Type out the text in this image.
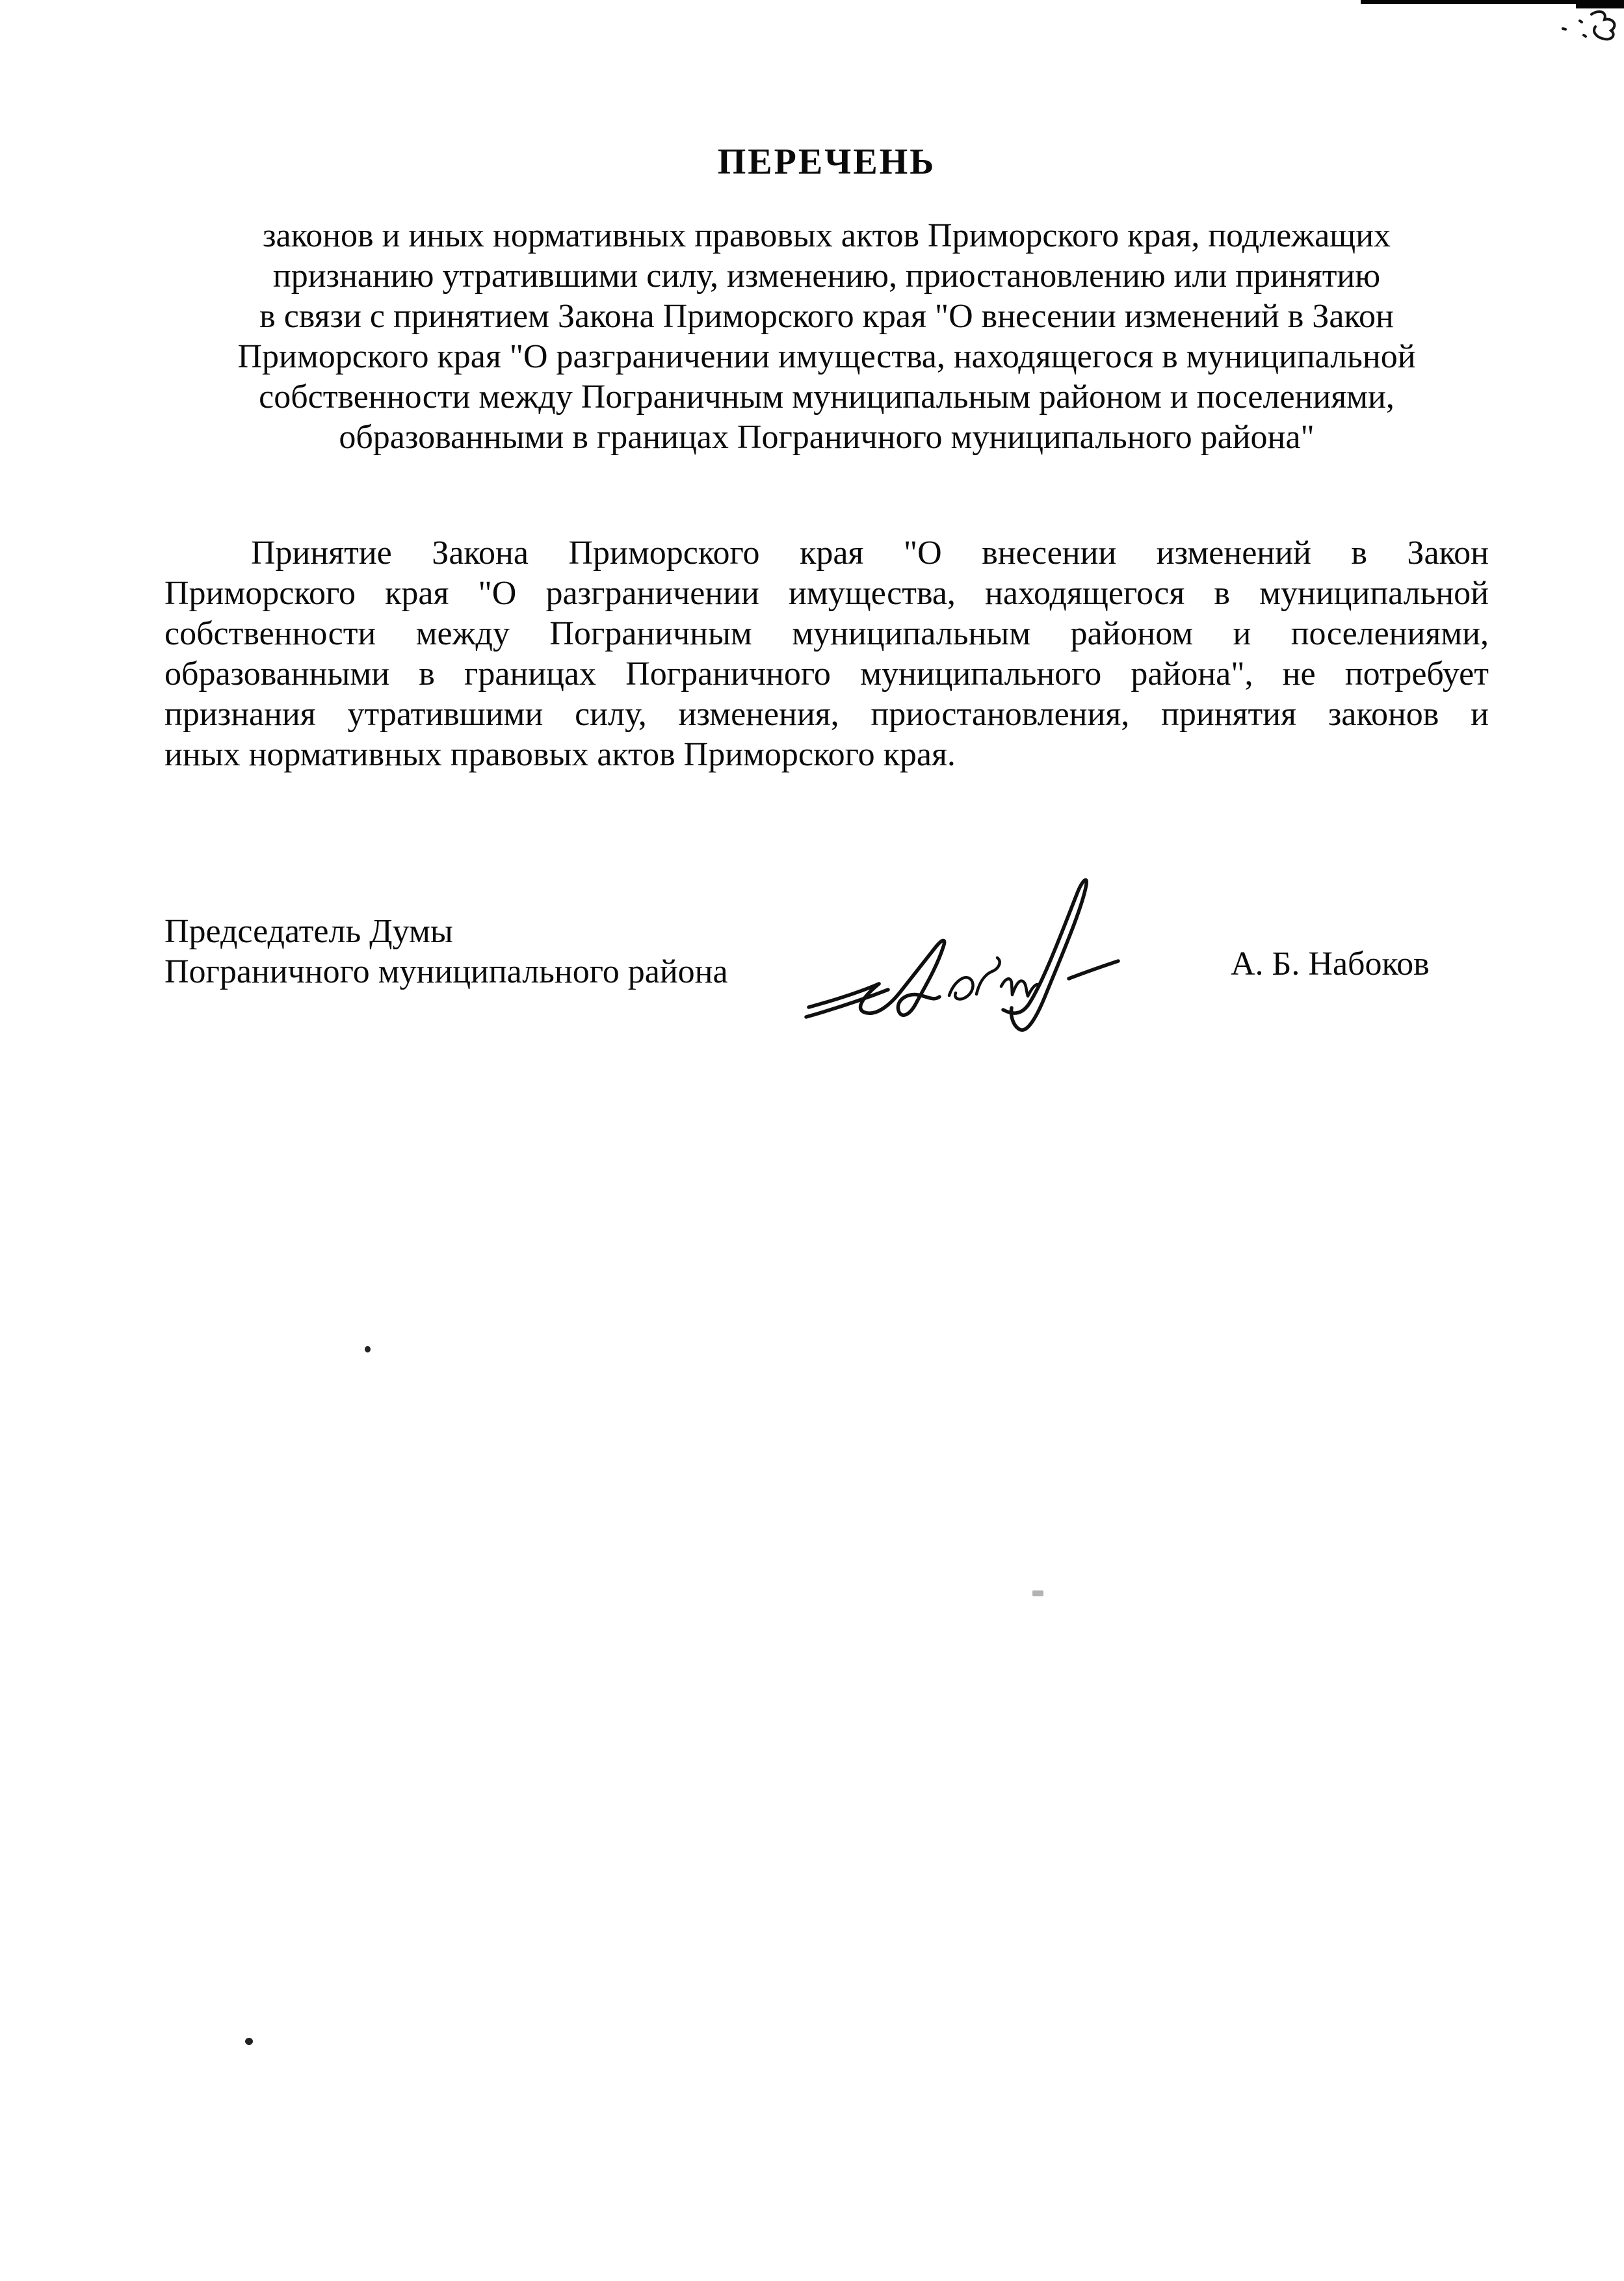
ПЕРЕЧЕНЬ
законов и иных нормативных правовых актов Приморского края, подлежащих
признанию утратившими силу, изменению, приостановлению или принятию
в связи с принятием Закона Приморского края "О внесении изменений в Закон
Приморского края "О разграничении имущества, находящегося в муниципальной
собственности между Пограничным муниципальным районом и поселениями,
образованными в границах Пограничного муниципального района"
Принятие Закона Приморского края "О внесении изменений в Закон
Приморского края "О разграничении имущества, находящегося в муниципальной
собственности между Пограничным муниципальным районом и поселениями,
образованными в границах Пограничного муниципального района", не потребует
признания утратившими силу, изменения, приостановления, принятия законов и
иных нормативных правовых актов Приморского края.
Председатель Думы
Пограничного муниципального района	А. Б. Набоков
